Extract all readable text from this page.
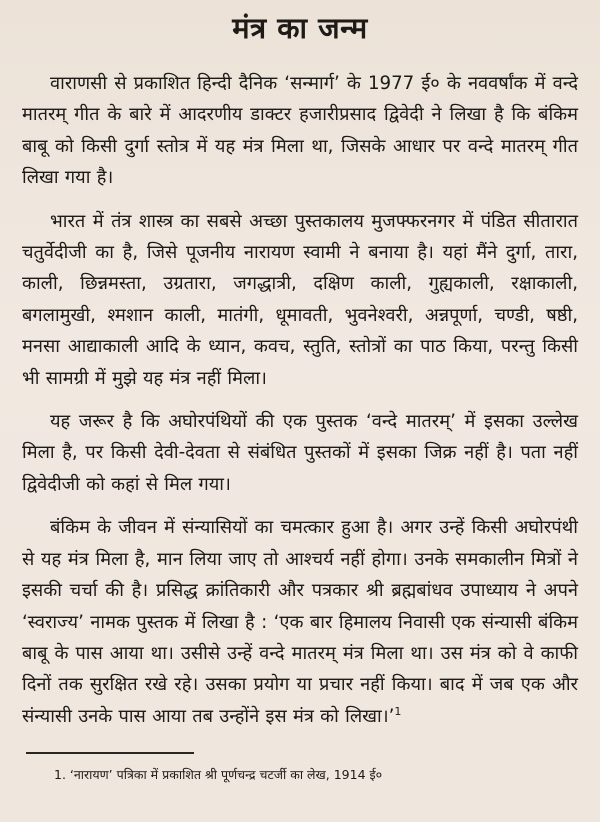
मंत्र का जन्म

वाराणसी से प्रकाशित हिन्दी दैनिक ‘सन्मार्ग’ के 1977 ई० के नववर्षांक में वन्दे मातरम् गीत के बारे में आदरणीय डाक्टर हजारीप्रसाद द्विवेदी ने लिखा है कि बंकिम बाबू को किसी दुर्गा स्तोत्र में यह मंत्र मिला था, जिसके आधार पर वन्दे मातरम् गीत लिखा गया है।

भारत में तंत्र शास्त्र का सबसे अच्छा पुस्तकालय मुजफ्फरनगर में पंडित सीतारात चतुर्वेदीजी का है, जिसे पूजनीय नारायण स्वामी ने बनाया है। यहां मैंने दुर्गा, तारा, काली, छिन्नमस्ता, उग्रतारा, जगद्धात्री, दक्षिण काली, गुह्यकाली, रक्षाकाली, बगलामुखी, श्मशान काली, मातंगी, धूमावती, भुवनेश्वरी, अन्नपूर्णा, चण्डी, षष्ठी, मनसा आद्याकाली आदि के ध्यान, कवच, स्तुति, स्तोत्रों का पाठ किया, परन्तु किसी भी सामग्री में मुझे यह मंत्र नहीं मिला।

यह जरूर है कि अघोरपंथियों की एक पुस्तक ‘वन्दे मातरम्’ में इसका उल्लेख मिला है, पर किसी देवी-देवता से संबंधित पुस्तकों में इसका जिक्र नहीं है। पता नहीं द्विवेदीजी को कहां से मिल गया।

बंकिम के जीवन में संन्यासियों का चमत्कार हुआ है। अगर उन्हें किसी अघोरपंथी से यह मंत्र मिला है, मान लिया जाए तो आश्चर्य नहीं होगा। उनके समकालीन मित्रों ने इसकी चर्चा की है। प्रसिद्ध क्रांतिकारी और पत्रकार श्री ब्रह्मबांधव उपाध्याय ने अपने ‘स्वराज्य’ नामक पुस्तक में लिखा है : ‘एक बार हिमालय निवासी एक संन्यासी बंकिम बाबू के पास आया था। उसीसे उन्हें वन्दे मातरम् मंत्र मिला था। उस मंत्र को वे काफी दिनों तक सुरक्षित रखे रहे। उसका प्रयोग या प्रचार नहीं किया। बाद में जब एक और संन्यासी उनके पास आया तब उन्होंने इस मंत्र को लिखा।’$^1$

1. ‘नारायण’ पत्रिका में प्रकाशित श्री पूर्णचन्द्र चटर्जी का लेख, 1914 ई०
